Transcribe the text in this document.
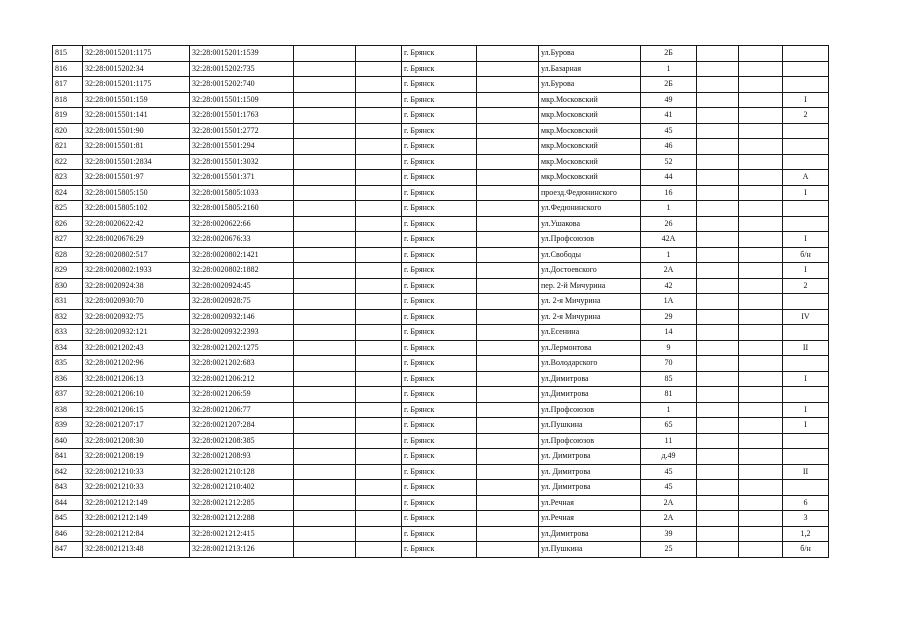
815	32:28:0015201:1175	32:28:0015201:1539			г. Брянск		ул.Бурова	2Б			
816	32:28:0015202:34	32:28:0015202:735			г. Брянск		ул.Базарная	1			
817	32:28:0015201:1175	32:28:0015202:740			г. Брянск		ул.Бурова	2Б			
818	32:28:0015501:159	32:28:0015501:1509			г. Брянск		мкр.Московский	49			I
819	32:28:0015501:141	32:28:0015501:1763			г. Брянск		мкр.Московский	41			2
820	32:28:0015501:90	32:28:0015501:2772			г. Брянск		мкр.Московский	45			
821	32:28:0015501:81	32:28:0015501:294			г. Брянск		мкр.Московский	46			
822	32:28:0015501:2834	32:28:0015501:3032			г. Брянск		мкр.Московский	52			
823	32:28:0015501:97	32:28:0015501:371			г. Брянск		мкр.Московский	44			А
824	32:28:0015805:150	32:28:0015805:1033			г. Брянск		проезд.Федюнинского	16			I
825	32:28:0015805:102	32:28:0015805:2160			г. Брянск		ул.Федюнинского	1			
826	32:28:0020622:42	32:28:0020622:66			г. Брянск		ул.Ушакова	26			
827	32:28:0020676:29	32:28:0020676:33			г. Брянск		ул.Профсоюзов	42А			I
828	32:28:0020802:517	32:28:0020802:1421			г. Брянск		ул.Свободы	1			б/н
829	32:28:0020802:1933	32:28:0020802:1882			г. Брянск		ул.Достоевского	2А			I
830	32:28:0020924:38	32:28:0020924:45			г. Брянск		пер. 2-й Мичурина	42			2
831	32:28:0020930:70	32:28:0020928:75			г. Брянск		ул. 2-я Мичурина	1А			
832	32:28:0020932:75	32:28:0020932:146			г. Брянск		ул. 2-я Мичурина	29			IV
833	32:28:0020932:121	32:28:0020932:2393			г. Брянск		ул.Есенина	14			
834	32:28:0021202:43	32:28:0021202:1275			г. Брянск		ул.Лермонтова	9			II
835	32:28:0021202:96	32:28:0021202:683			г. Брянск		ул.Володарского	70			
836	32:28:0021206:13	32:28:0021206:212			г. Брянск		ул.Димитрова	85			I
837	32:28:0021206:10	32:28:0021206:59			г. Брянск		ул.Димитрова	81			
838	32:28:0021206:15	32:28:0021206:77			г. Брянск		ул.Профсоюзов	1			I
839	32:28:0021207:17	32:28:0021207:284			г. Брянск		ул.Пушкина	65			I
840	32:28:0021208:30	32:28:0021208:385			г. Брянск		ул.Профсоюзов	11			
841	32:28:0021208:19	32:28:0021208:93			г. Брянск		ул. Димитрова	д.49			
842	32:28:0021210:33	32:28:0021210:128			г. Брянск		ул. Димитрова	45			II
843	32:28:0021210:33	32:28:0021210:402			г. Брянск		ул. Димитрова	45			
844	32:28:0021212:149	32:28:0021212:285			г. Брянск		ул.Речная	2А			6
845	32:28:0021212:149	32:28:0021212:288			г. Брянск		ул.Речная	2А			3
846	32:28:0021212:84	32:28:0021212:415			г. Брянск		ул.Димитрова	39			1,2
847	32:28:0021213:48	32:28:0021213:126			г. Брянск		ул.Пушкина	25			б/н
